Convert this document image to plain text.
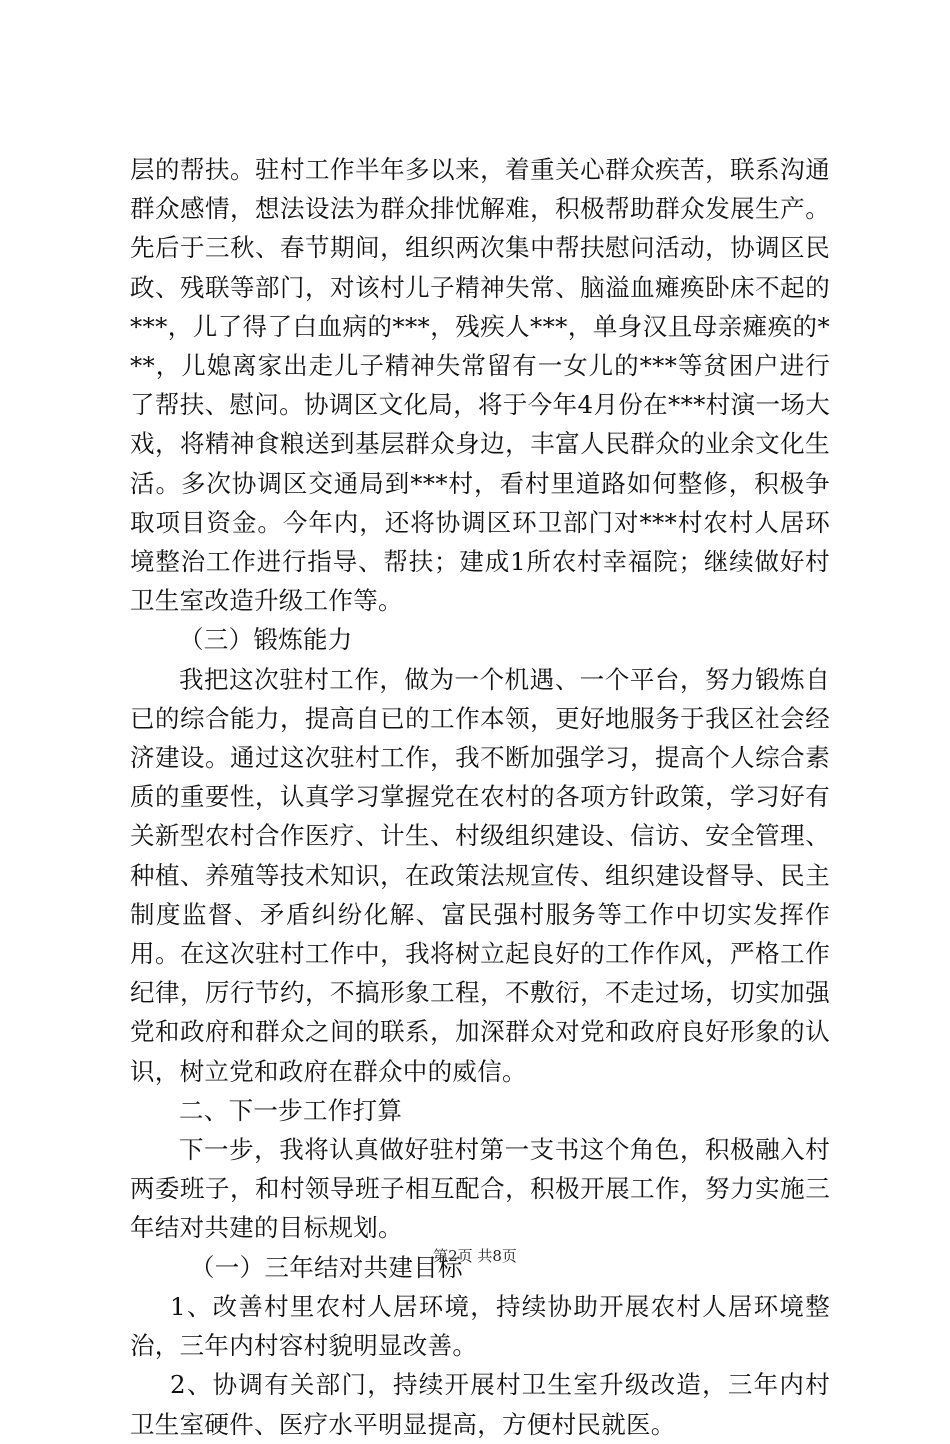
层的帮扶。驻村工作半年多以来，着重关心群众疾苦，联系沟通群众感情，想法设法为群众排忧解难，积极帮助群众发展生产。先后于三秋、春节期间，组织两次集中帮扶慰问活动，协调区民政、残联等部门，对该村儿子精神失常、脑溢血瘫痪卧床不起的***，儿了得了白血病的***，残疾人***，单身汉且母亲瘫痪的***，儿媳离家出走儿子精神失常留有一女儿的***等贫困户进行了帮扶、慰问。协调区文化局，将于今年4月份在***村演一场大戏，将精神食粮送到基层群众身边，丰富人民群众的业余文化生活。多次协调区交通局到***村，看村里道路如何整修，积极争取项目资金。今年内，还将协调区环卫部门对***村农村人居环境整治工作进行指导、帮扶；建成1所农村幸福院；继续做好村卫生室改造升级工作等。

（三）锻炼能力

我把这次驻村工作，做为一个机遇、一个平台，努力锻炼自已的综合能力，提高自已的工作本领，更好地服务于我区社会经济建设。通过这次驻村工作，我不断加强学习，提高个人综合素质的重要性，认真学习掌握党在农村的各项方针政策，学习好有关新型农村合作医疗、计生、村级组织建设、信访、安全管理、种植、养殖等技术知识，在政策法规宣传、组织建设督导、民主制度监督、矛盾纠纷化解、富民强村服务等工作中切实发挥作用。在这次驻村工作中，我将树立起良好的工作作风，严格工作纪律，厉行节约，不搞形象工程，不敷衍，不走过场，切实加强党和政府和群众之间的联系，加深群众对党和政府良好形象的认识，树立党和政府在群众中的威信。

二、下一步工作打算

下一步，我将认真做好驻村第一支书这个角色，积极融入村两委班子，和村领导班子相互配合，积极开展工作，努力实施三年结对共建的目标规划。

（一）三年结对共建目标

1、改善村里农村人居环境，持续协助开展农村人居环境整治，三年内村容村貌明显改善。

2、协调有关部门，持续开展村卫生室升级改造，三年内村卫生室硬件、医疗水平明显提高，方便村民就医。

第2页 共8页
